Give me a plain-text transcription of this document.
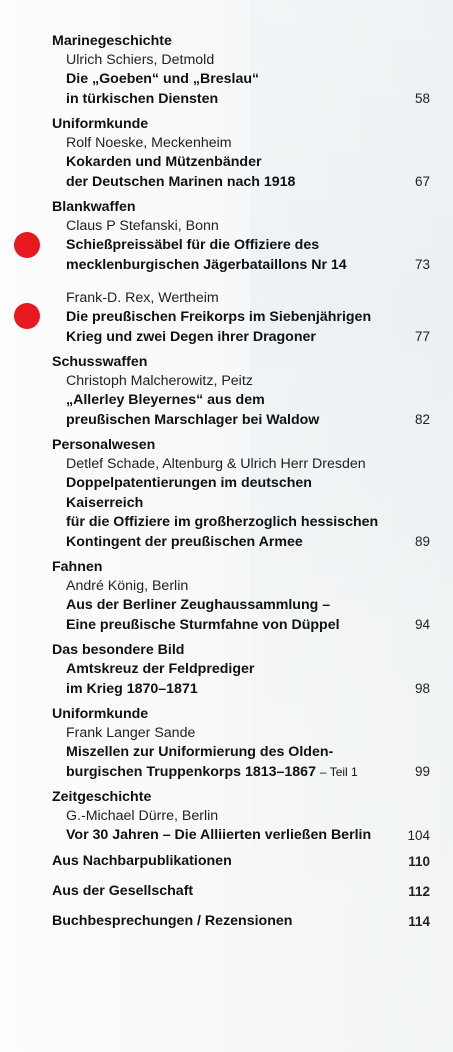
Marinegeschichte
Ulrich Schiers, Detmold
Die „Goeben“ und „Breslau“
in türkischen Diensten	58
Uniformkunde
Rolf Noeske, Meckenheim
Kokarden und Mützenbänder
der Deutschen Marinen nach 1918	67
Blankwaffen
Claus P Stefanski, Bonn
Schießpreissäbel für die Offiziere des
mecklenburgischen Jägerbataillons Nr 14	73
Frank-D. Rex, Wertheim
Die preußischen Freikorps im Siebenjährigen
Krieg und zwei Degen ihrer Dragoner	77
Schusswaffen
Christoph Malcherowitz, Peitz
„Allerley Bleyernes“ aus dem
preußischen Marschlager bei Waldow	82
Personalwesen
Detlef Schade, Altenburg & Ulrich Herr Dresden
Doppelpatentierungen im deutschen Kaiserreich
für die Offiziere im großherzoglich hessischen
Kontingent der preußischen Armee	89
Fahnen
André König, Berlin
Aus der Berliner Zeughaussammlung –
Eine preußische Sturmfahne von Düppel	94
Das besondere Bild
Amtskreuz der Feldprediger
im Krieg 1870–1871	98
Uniformkunde
Frank Langer Sande
Miszellen zur Uniformierung des Olden-
burgischen Truppenkorps 1813–1867 – Teil 1	99
Zeitgeschichte
G.-Michael Dürre, Berlin
Vor 30 Jahren – Die Alliierten verließen Berlin	104
Aus Nachbarpublikationen	110
Aus der Gesellschaft	112
Buchbesprechungen / Rezensionen	114
